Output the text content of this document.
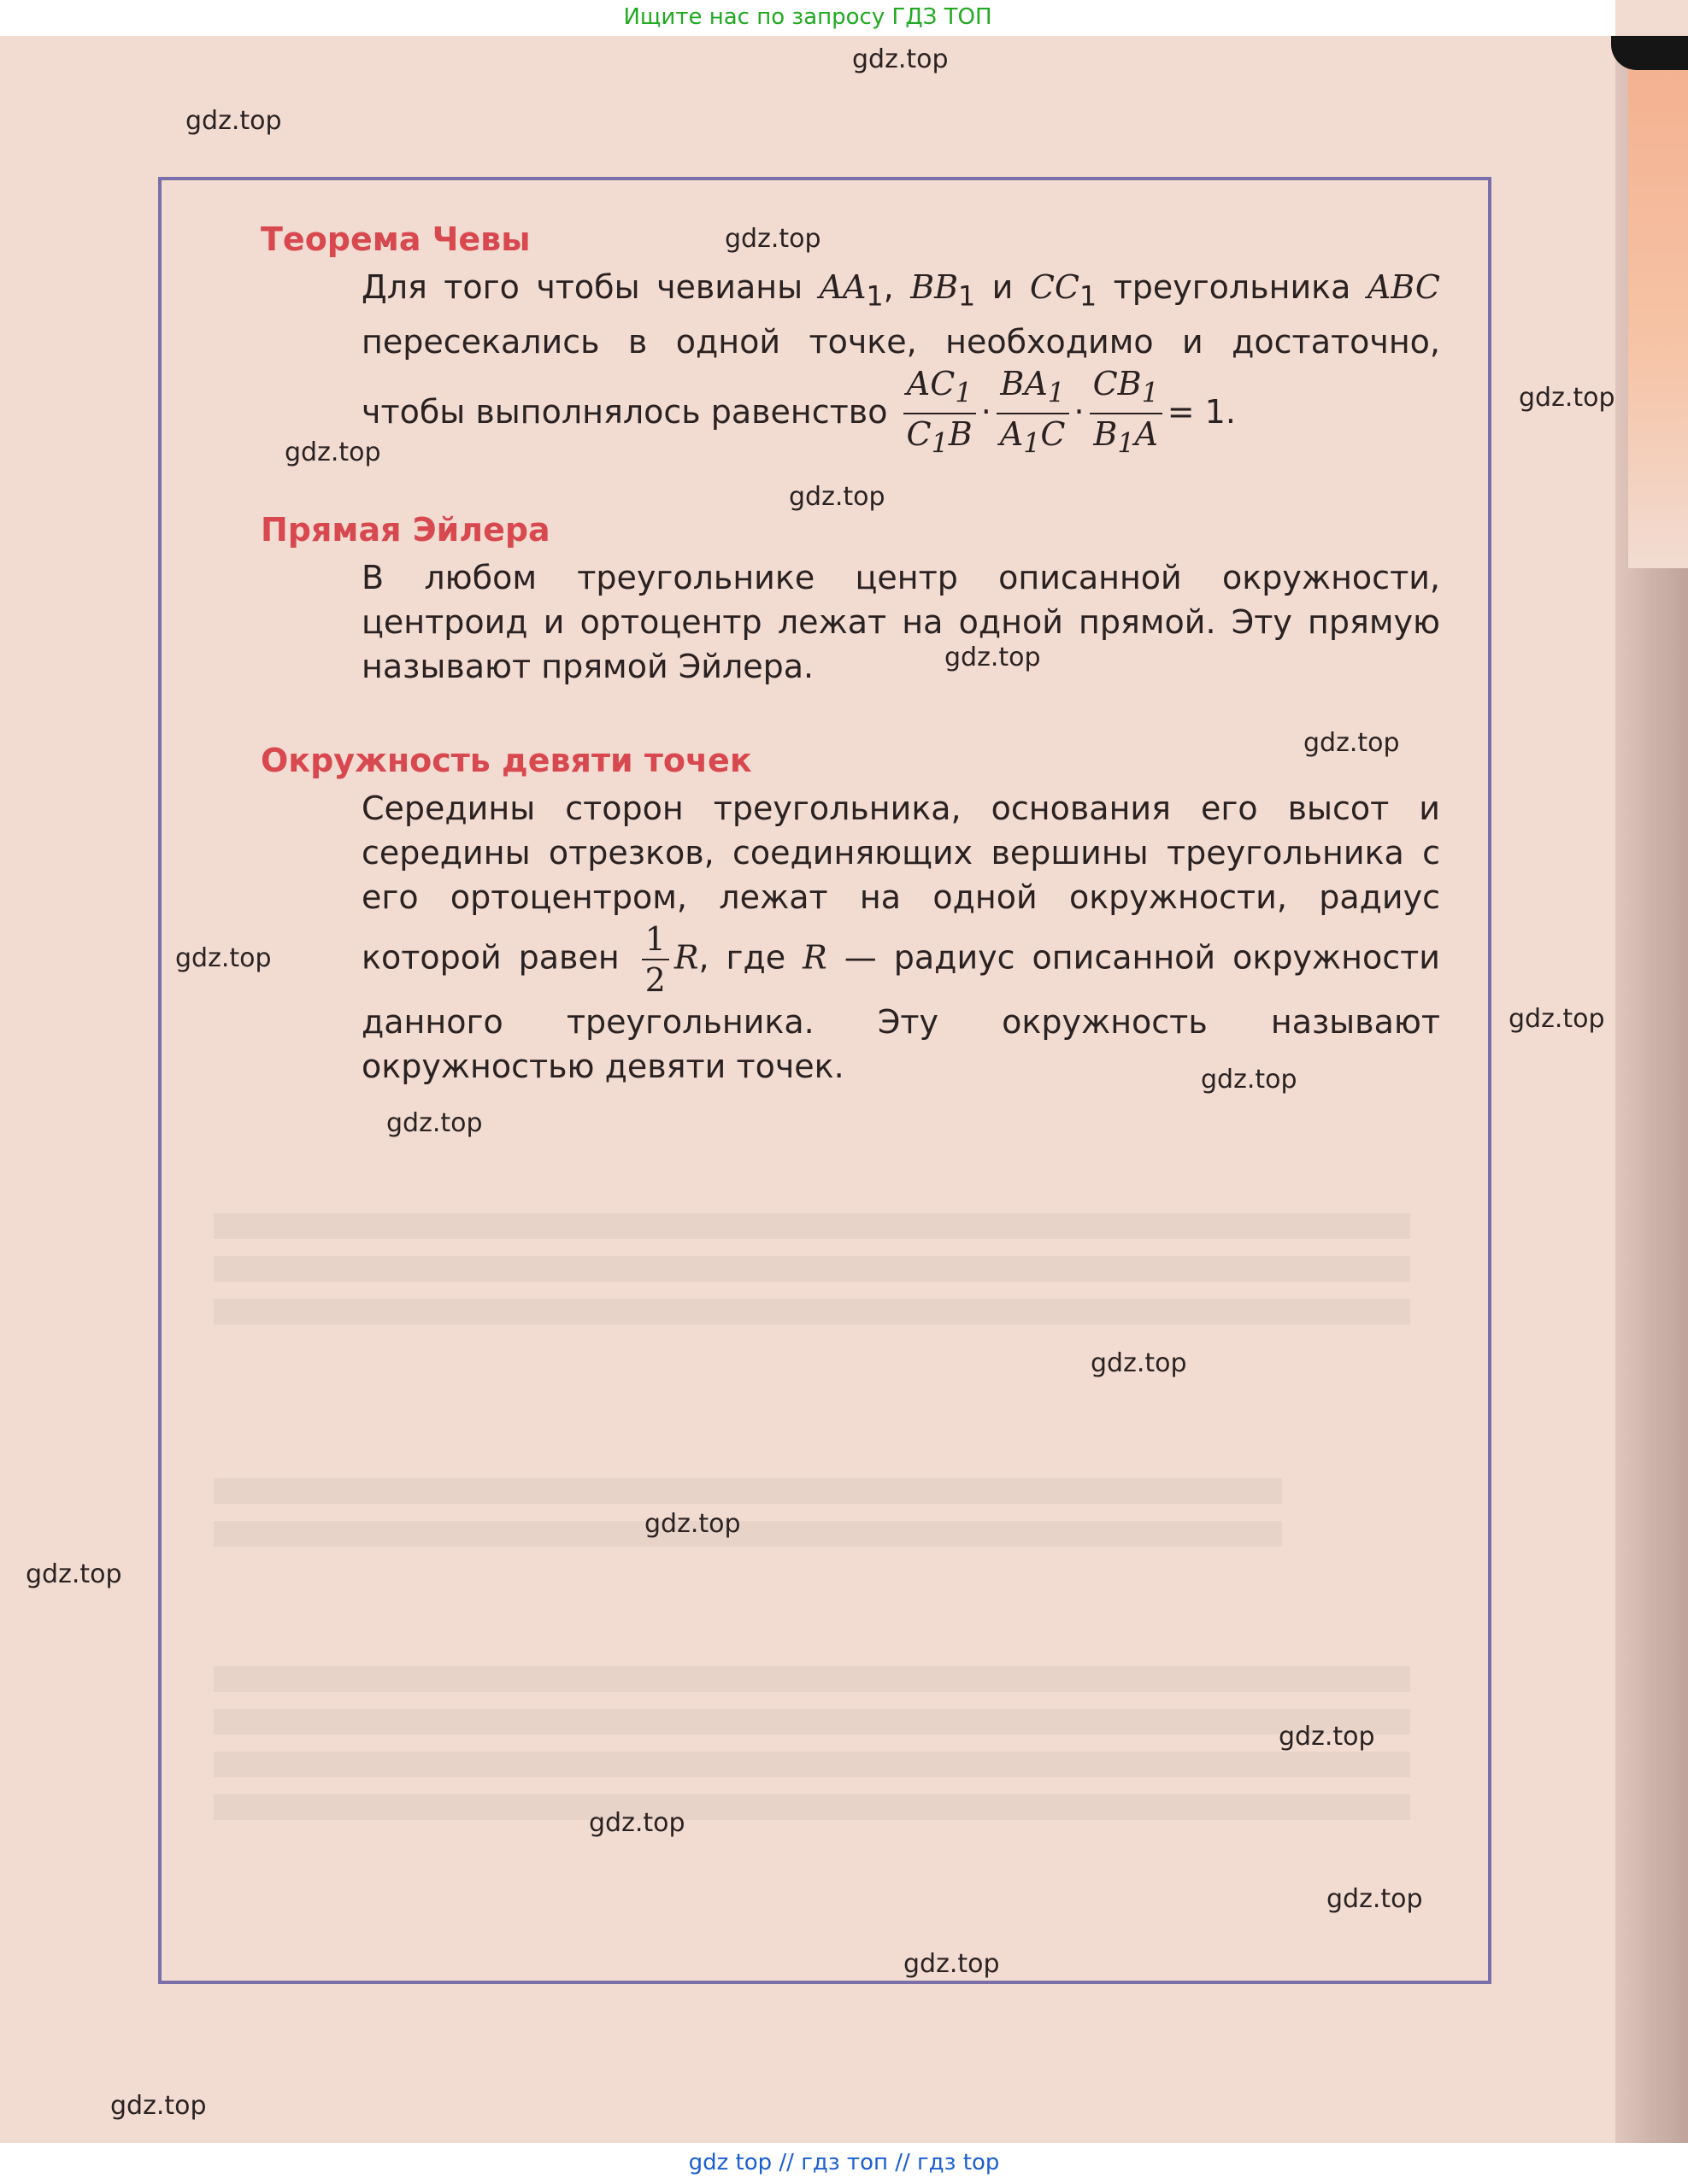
Ищите нас по запросу ГДЗ ТОП
Теорема Чевы
Для того чтобы чевианы $AA_1$, $BB_1$ и $CC_1$ треугольника ABC пересекались в одной точке, необходимо и достаточно, чтобы выполнялось равенство $\frac{AC_1}{C_1B} \cdot \frac{BA_1}{A_1C} \cdot \frac{CB_1}{B_1A} = 1$.
Прямая Эйлера
В любом треугольнике центр описанной окружности, центроид и ортоцентр лежат на одной прямой. Эту прямую называют прямой Эйлера.
Окружность девяти точек
Середины сторон треугольника, основания его высот и середины отрезков, соединяющих вершины треугольника с его ортоцентром, лежат на одной окружности, радиус которой равен $\frac{1}{2} R$, где R — радиус описанной окружности данного треугольника. Эту окружность называют окружностью девяти точек.
gdz.top
gdz.top
gdz.top
gdz.top
gdz.top
gdz.top
gdz.top
gdz.top
gdz.top
gdz.top
gdz.top
gdz.top
gdz.top
gdz.top
gdz.top
gdz.top
gdz.top
gdz.top
gdz.top
gdz.top
gdz top // гдз топ // гдз top
